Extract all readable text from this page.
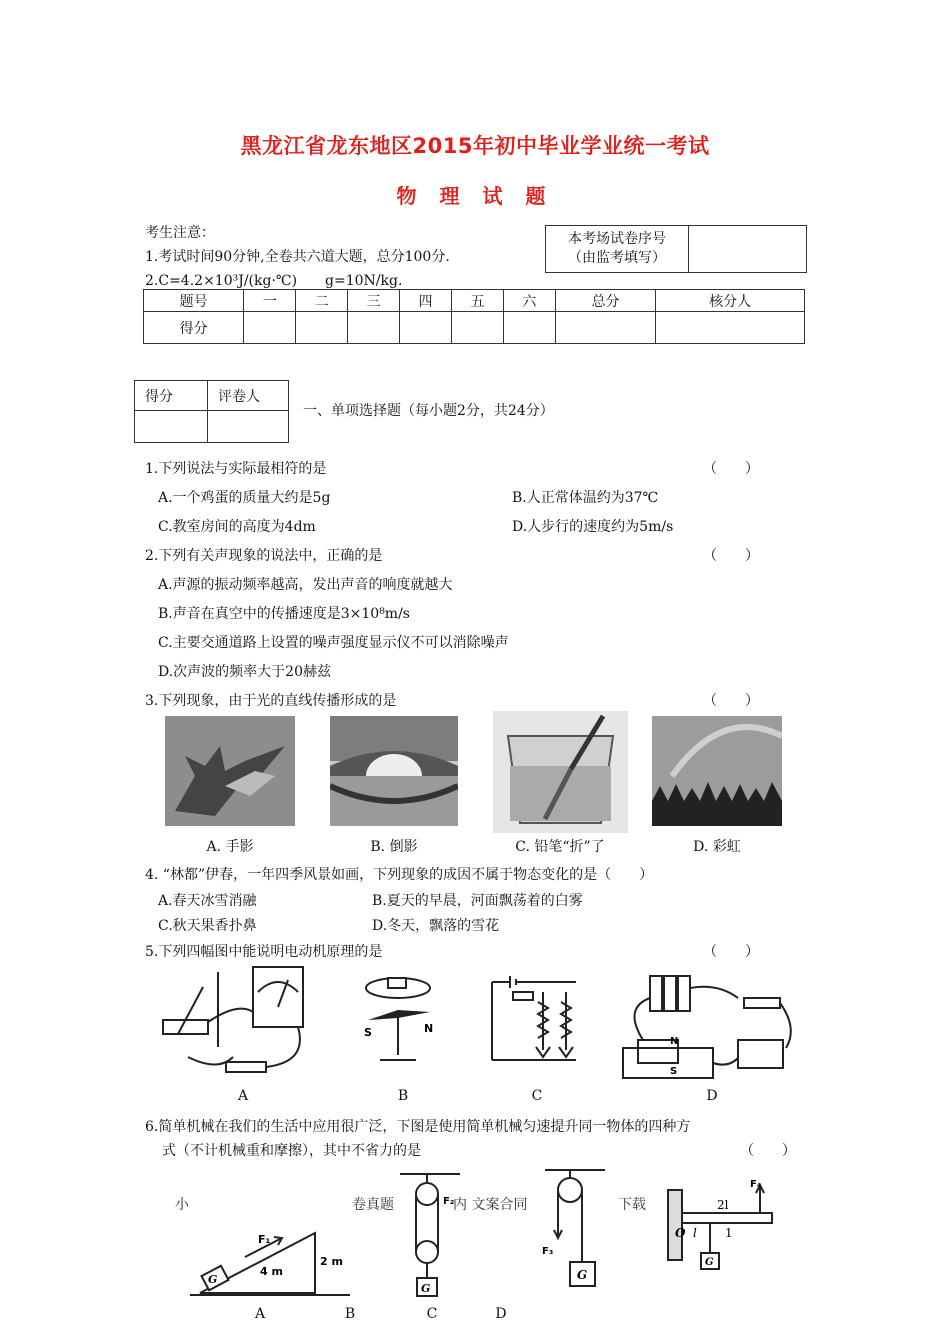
黑龙江省龙东地区2015年初中毕业学业统一考试
物 理 试 题
考生注意：
1.考试时间90分钟,全卷共六道大题，总分100分.
2.C=4.2×10³J/(kg·℃)　　g=10N/kg.
本考场试卷序号
（由监考填写）

题号	一	二	三	四	五	六	总分	核分人
得分								
得分	评卷人

一、单项选择题（每小题2分，共24分）
1.下列说法与实际最相符的是	（　　）
A.一个鸡蛋的质量大约是5g	B.人正常体温约为37℃
C.教室房间的高度为4dm	D.人步行的速度约为5m/s
2.下列有关声现象的说法中，正确的是	（　　）
A.声源的振动频率越高，发出声音的响度就越大
B.声音在真空中的传播速度是3×10⁸m/s
C.主要交通道路上设置的噪声强度显示仪不可以消除噪声
D.次声波的频率大于20赫兹
3.下列现象，由于光的直线传播形成的是	（　　）
A. 手影	B. 倒影	C. 铅笔“折”了	D. 彩虹
4. “林都”伊春，一年四季风景如画，下列现象的成因不属于物态变化的是（　　）
A.春天冰雪消融	B.夏天的早晨，河面飘荡着的白雾
C.秋天果香扑鼻	D.冬天，飘落的雪花
5.下列四幅图中能说明电动机原理的是	（　　）
S	N
N
S
A	B	C	D
6.简单机械在我们的生活中应用很广泛，下图是使用简单机械匀速提升同一物体的四种方
式（不计机械重和摩擦），其中不省力的是	（　　）
小	卷真题	内 文案合同	下载
G
F₁
4 m
2 m
G
F₂
G
F₃
G
2l
F₄
O l 1
A	B	C	D
